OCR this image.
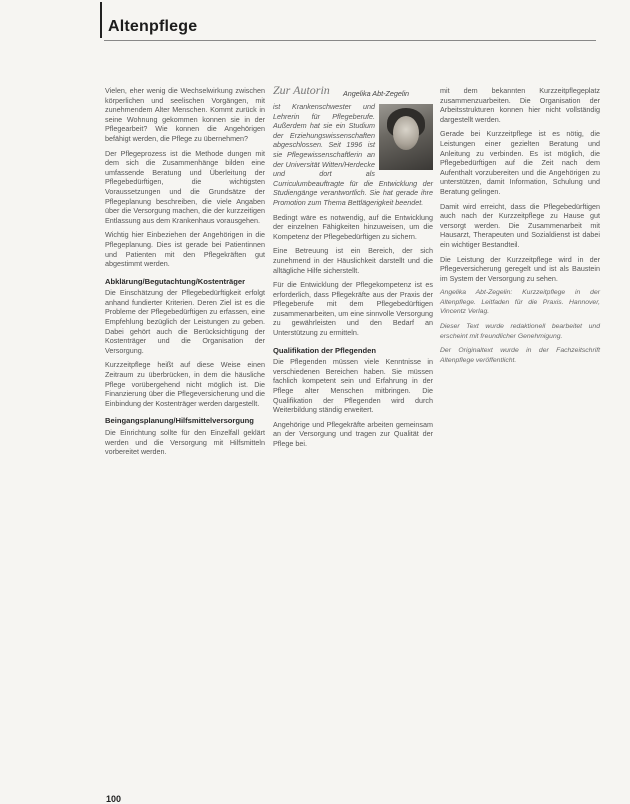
Altenpflege

Vielen, eher wenig die Wechselwirkung zwischen körperlichen und seelischen Vorgängen, mit zunehmendem Alter Menschen. Kommt zurück in seine Wohnung gekommen konnen sie in der Pflegearbeit? Wie konnen die Angehörigen befähigt werden, die Pflege zu übernehmen?

Der Pflegeprozess ist die Methode dungen mit dem sich die Zusammenhänge bilden eine umfassende Beratung und Überleitung der Pflegebedürftigen, die wichtigsten Voraussetzungen und die Grundsätze der Pflegeplanung beschreiben, die viele Angaben über die Versorgung machen, die der kurzzeitigen Entlassung aus dem Krankenhaus vorausgehen.

Wichtig hier Einbeziehen der Angehörigen in die Pflegeplanung. Dies ist gerade bei Patientinnen und Patienten mit den Pflegekräften gut abgestimmt werden.

Abklärung/Begutachtung/Kostenträger

Die Einschätzung der Pflegebedürftigkeit erfolgt anhand fundierter Kriterien. Deren Ziel ist es die Probleme der Pflegebedürftigen zu erfassen, eine Empfehlung bezüglich der Leistungen zu geben. Dabei gehört auch die Berücksichtigung der Kostenträger und die Organisation der Versorgung.

Kurzzeitpflege heißt auf diese Weise einen Zeitraum zu überbrücken, in dem die häusliche Pflege vorübergehend nicht möglich ist. Die Finanzierung über die Pflegeversicherung und die Einbindung der Kostenträger werden dargestellt.

Beingangsplanung/Hilfsmittelversorgung

Die Einrichtung sollte für den Einzelfall geklärt werden und die Versorgung mit Hilfsmitteln vorbereitet werden.

Zur Autorin Angelika Abt-Zegelin

ist Krankenschwester und Lehrerin für Pflegeberufe. Außerdem hat sie ein Studium der Erziehungswissenschaften abgeschlossen. Seit 1996 ist sie Pflegewissenschaftlerin an der Universität Witten/Herdecke und dort als Curriculumbeauftragte für die Entwicklung der Studiengänge verantwortlich. Sie hat gerade ihre Promotion zum Thema Bettlägerigkeit beendet.

Bedingt wäre es notwendig, auf die Entwicklung der einzelnen Fähigkeiten hinzuweisen, um die Kompetenz der Pflegebedürftigen zu sichern.

Eine Betreuung ist ein Bereich, der sich zunehmend in der Häuslichkeit darstellt und die alltägliche Hilfe sicherstellt.

Für die Entwicklung der Pflegekompetenz ist es erforderlich, dass Pflegekräfte aus der Praxis der Pflegeberufe mit dem Pflegebedürftigen zusammenarbeiten, um eine sinnvolle Versorgung zu gewährleisten und den Bedarf an Unterstützung zu ermitteln.

Qualifikation der Pflegenden

Die Pflegenden müssen viele Kenntnisse in verschiedenen Bereichen haben. Sie müssen fachlich kompetent sein und Erfahrung in der Pflege alter Menschen mitbringen. Die Qualifikation der Pflegenden wird durch Weiterbildung ständig erweitert.

Angehörige und Pflegekräfte arbeiten gemeinsam an der Versorgung und tragen zur Qualität der Pflege bei.

mit dem bekannten Kurzzeitpflegeplatz zusammenzuarbeiten. Die Organisation der Arbeitsstrukturen konnen hier nicht vollständig dargestellt werden.

Gerade bei Kurzzeitpflege ist es nötig, die Leistungen einer gezielten Beratung und Anleitung zu verbinden. Es ist möglich, die Pflegebedürftigen auf die Zeit nach dem Aufenthalt vorzubereiten und die Angehörigen zu unterstützen, damit Information, Schulung und Beratung gelingen.

Damit wird erreicht, dass die Pflegebedürftigen auch nach der Kurzzeitpflege zu Hause gut versorgt werden. Die Zusammenarbeit mit Hausarzt, Therapeuten und Sozialdienst ist dabei ein wichtiger Bestandteil.

Die Leistung der Kurzzeitpflege wird in der Pflegeversicherung geregelt und ist als Baustein im System der Versorgung zu sehen.

Angelika Abt-Zegelin: Kurzzeitpflege in der Altenpflege. Leitfaden für die Praxis. Hannover, Vincentz Verlag.

Dieser Text wurde redaktionell bearbeitet und erscheint mit freundlicher Genehmigung.

Der Originaltext wurde in der Fachzeitschrift Altenpflege veröffentlicht.

100
